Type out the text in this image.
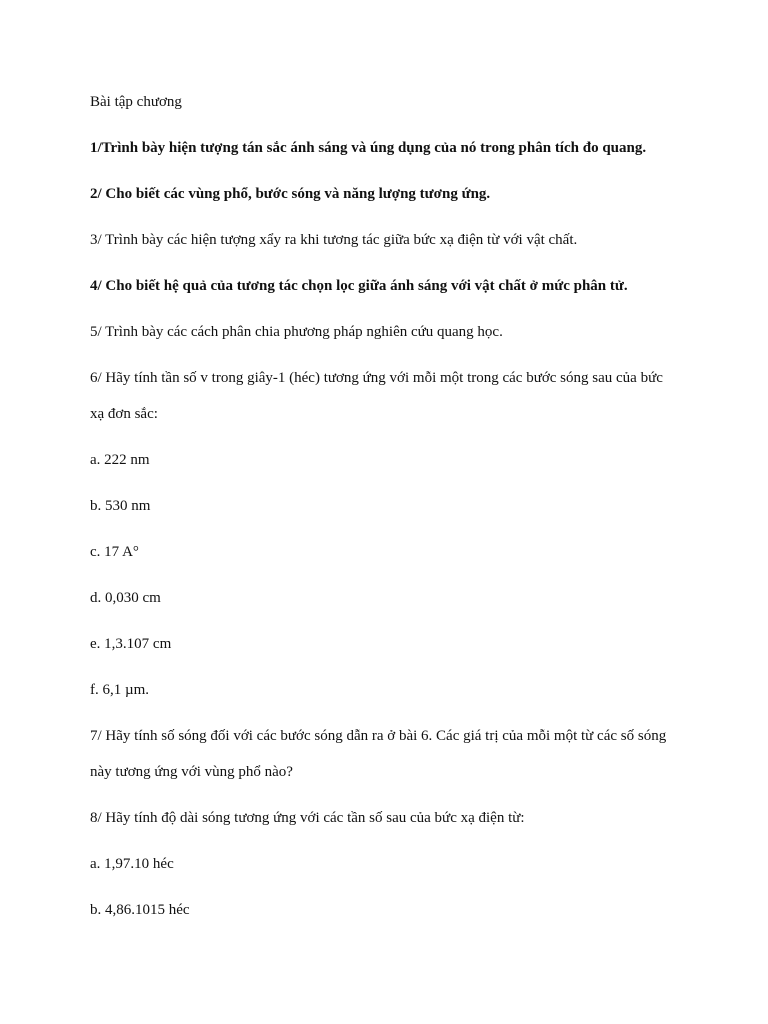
Bài tập chương
1/Trình bày hiện tượng tán sắc ánh sáng và úng dụng của nó trong phân tích đo quang.
2/ Cho biết các vùng phổ, bước sóng và năng lượng tương ứng.
3/ Trình bày các hiện tượng xẩy ra khi tương tác giữa bức xạ điện từ với vật chất.
4/ Cho biết hệ quả của tương tác chọn lọc giữa ánh sáng với vật chất ở mức phân tử.
5/ Trình bày các cách phân chia phương pháp nghiên cứu quang học.
6/ Hãy tính tần số v trong giây-1 (héc) tương ứng với mỗi một trong các bước sóng sau của bức
xạ đơn sắc:
a. 222 nm
b. 530 nm
c. 17 A°
d. 0,030 cm
e. 1,3.107 cm
f. 6,1 µm.
7/ Hãy tính số sóng đối với các bước sóng dẫn ra ở bài 6. Các giá trị của mỗi một từ các số sóng
này tương ứng với vùng phổ nào?
8/ Hãy tính độ dài sóng tương ứng với các tần số sau của bức xạ điện từ:
a. 1,97.10 héc
b. 4,86.1015 héc
